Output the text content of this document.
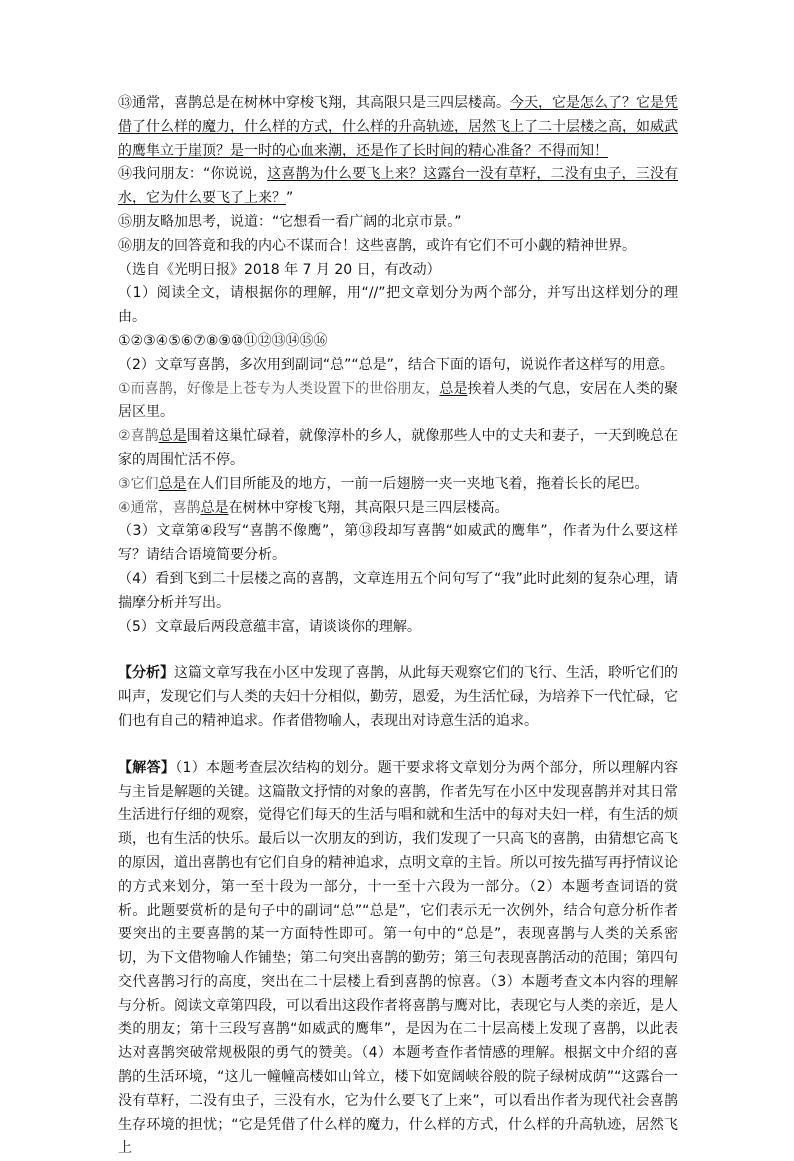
⑬通常，喜鹊总是在树林中穿梭飞翔，其高限只是三四层楼高。今天，它是怎么了？它是凭借了什么样的魔力，什么样的方式，什么样的升高轨迹，居然飞上了二十层楼之高，如威武的鹰隼立于崖顶？是一时的心血来潮，还是作了长时间的精心准备？不得而知！

⑭我问朋友：“你说说，这喜鹊为什么要飞上来？这露台一没有草籽，二没有虫子，三没有水，它为什么要飞了上来？”

⑮朋友略加思考，说道：“它想看一看广阔的北京市景。”

⑯朋友的回答竟和我的内心不谋而合！这些喜鹊，或许有它们不可小觑的精神世界。

（选自《光明日报》2018 年 7 月 20 日，有改动）

（1）阅读全文，请根据你的理解，用“//”把文章划分为两个部分，并写出这样划分的理由。

①②③④⑤⑥⑦⑧⑨⑩⑪⑫⑬⑭⑮⑯

（2）文章写喜鹊，多次用到副词“总”“总是”，结合下面的语句，说说作者这样写的用意。

①而喜鹊，好像是上苍专为人类设置下的世俗朋友，总是挨着人类的气息，安居在人类的聚居区里。

②喜鹊总是围着这巢忙碌着，就像淳朴的乡人，就像那些人中的丈夫和妻子，一天到晚总在家的周围忙活不停。

③它们总是在人们目所能及的地方，一前一后翅膀一夹一夹地飞着，拖着长长的尾巴。

④通常，喜鹊总是在树林中穿梭飞翔，其高限只是三四层楼高。

（3）文章第④段写“喜鹊不像鹰”，第⑬段却写喜鹊“如威武的鹰隼”，作者为什么要这样写？请结合语境简要分析。

（4）看到飞到二十层楼之高的喜鹊，文章连用五个问句写了“我”此时此刻的复杂心理，请揣摩分析并写出。

（5）文章最后两段意蕴丰富，请谈谈你的理解。

【分析】这篇文章写我在小区中发现了喜鹊，从此每天观察它们的飞行、生活，聆听它们的叫声，发现它们与人类的夫妇十分相似，勤劳，恩爱，为生活忙碌，为培养下一代忙碌，它们也有自己的精神追求。作者借物喻人，表现出对诗意生活的追求。

【解答】（1）本题考查层次结构的划分。题干要求将文章划分为两个部分，所以理解内容与主旨是解题的关键。这篇散文抒情的对象的喜鹊，作者先写在小区中发现喜鹊并对其日常生活进行仔细的观察，觉得它们每天的生活与唱和就和生活中的每对夫妇一样，有生活的烦琐，也有生活的快乐。最后以一次朋友的到访，我们发现了一只高飞的喜鹊，由猜想它高飞的原因，道出喜鹊也有它们自身的精神追求，点明文章的主旨。所以可按先描写再抒情议论的方式来划分，第一至十段为一部分，十一至十六段为一部分。（2）本题考查词语的赏析。此题要赏析的是句子中的副词“总”“总是”，它们表示无一次例外，结合句意分析作者要突出的主要喜鹊的某一方面特性即可。第一句中的“总是”，表现喜鹊与人类的关系密切，为下文借物喻人作铺垫；第二句突出喜鹊的勤劳；第三句表现喜鹊活动的范围；第四句交代喜鹊习行的高度，突出在二十层楼上看到喜鹊的惊喜。（3）本题考查文本内容的理解与分析。阅读文章第四段，可以看出这段作者将喜鹊与鹰对比，表现它与人类的亲近，是人类的朋友；第十三段写喜鹊“如威武的鹰隼”，是因为在二十层高楼上发现了喜鹊，以此表达对喜鹊突破常规极限的勇气的赞美。（4）本题考查作者情感的理解。根据文中介绍的喜鹊的生活环境，“这儿一幢幢高楼如山耸立，楼下如宽阔峡谷般的院子绿树成荫”“这露台一没有草籽，二没有虫子，三没有水，它为什么要飞了上来”，可以看出作者为现代社会喜鹊生存环境的担忧；“它是凭借了什么样的魔力，什么样的方式，什么样的升高轨迹，居然飞上
